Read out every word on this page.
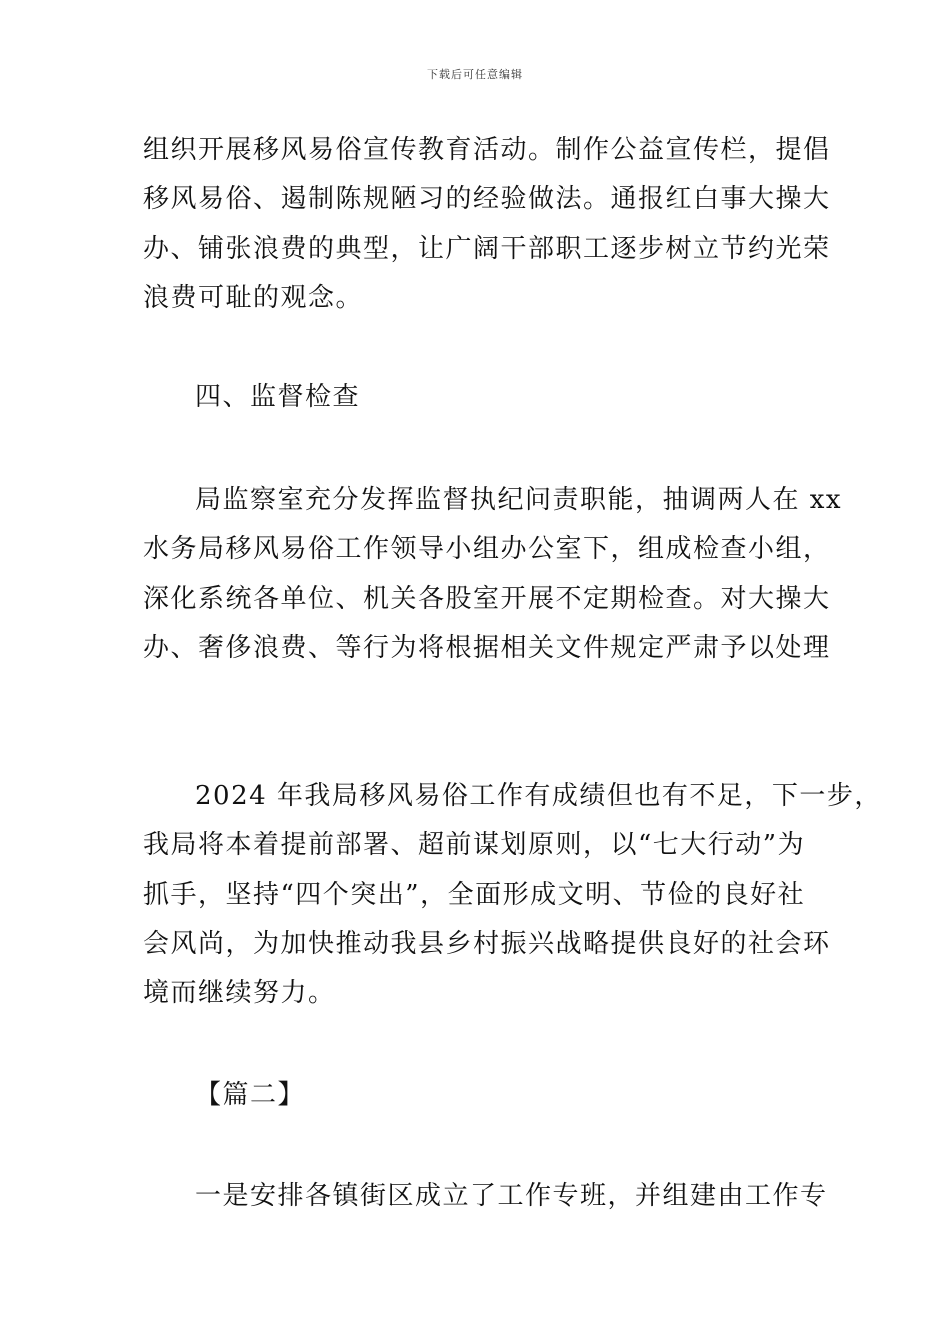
下载后可任意编辑
组织开展移风易俗宣传教育活动。制作公益宣传栏，提倡
移风易俗、遏制陈规陋习的经验做法。通报红白事大操大
办、铺张浪费的典型，让广阔干部职工逐步树立节约光荣
浪费可耻的观念。
四、监督检查
局监察室充分发挥监督执纪问责职能，抽调两人在 xx
水务局移风易俗工作领导小组办公室下，组成检查小组，
深化系统各单位、机关各股室开展不定期检查。对大操大
办、奢侈浪费、等行为将根据相关文件规定严肃予以处理
2024 年我局移风易俗工作有成绩但也有不足，下一步，
我局将本着提前部署、超前谋划原则，以“七大行动”为
抓手，坚持“四个突出”，全面形成文明、节俭的良好社
会风尚，为加快推动我县乡村振兴战略提供良好的社会环
境而继续努力。
【篇二】
一是安排各镇街区成立了工作专班，并组建由工作专
